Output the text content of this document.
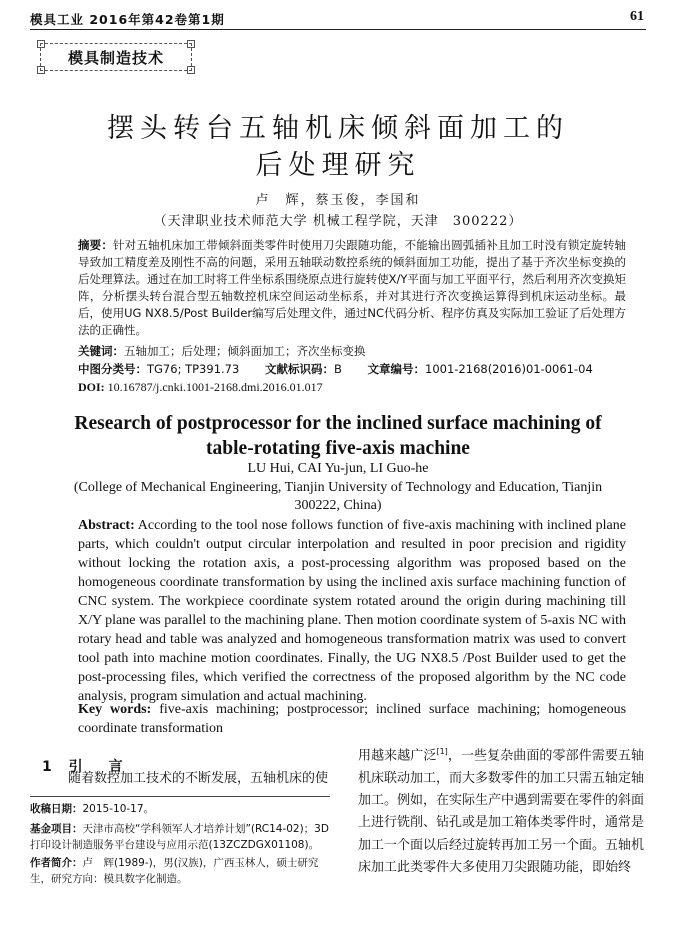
模具工业 2016年第42卷第1期	61
模具制造技术
摆头转台五轴机床倾斜面加工的
后处理研究
卢　辉，蔡玉俊，李国和
（天津职业技术师范大学 机械工程学院，天津　300222）
摘要：针对五轴机床加工带倾斜面类零件时使用刀尖跟随功能，不能输出圆弧插补且加工时没有锁定旋转轴导致加工精度差及刚性不高的问题，采用五轴联动数控系统的倾斜面加工功能，提出了基于齐次坐标变换的后处理算法。通过在加工时将工件坐标系围绕原点进行旋转使X/Y平面与加工平面平行，然后利用齐次变换矩阵，分析摆头转台混合型五轴数控机床空间运动坐标系，并对其进行齐次变换运算得到机床运动坐标。最后，使用UG NX8.5/Post Builder编写后处理文件，通过NC代码分析、程序仿真及实际加工验证了后处理方法的正确性。
关键词：五轴加工；后处理；倾斜面加工；齐次坐标变换
中图分类号：TG76; TP391.73 文献标识码：B 文章编号：1001-2168(2016)01-0061-04
DOI: 10.16787/j.cnki.1001-2168.dmi.2016.01.017
Research of postprocessor for the inclined surface machining of
table-rotating five-axis machine
LU Hui, CAI Yu-jun, LI Guo-he
(College of Mechanical Engineering, Tianjin University of Technology and Education, Tianjin
300222, China)
Abstract: According to the tool nose follows function of five-axis machining with inclined plane parts, which couldn't output circular interpolation and resulted in poor precision and rigidity without locking the rotation axis, a post-processing algorithm was proposed based on the homogeneous coordinate transformation by using the inclined axis surface machining function of CNC system. The workpiece coordinate system rotated around the origin during machining till X/Y plane was parallel to the machining plane. Then motion coordinate system of 5-axis NC with rotary head and table was analyzed and homogeneous transformation matrix was used to convert tool path into machine motion coordinates. Finally, the UG NX8.5 /Post Builder used to get the post-processing files, which verified the correctness of the proposed algorithm by the NC code analysis, program simulation and actual machining.
Key words: five-axis machining; postprocessor; inclined surface machining; homogeneous coordinate transformation
1 引　言
随着数控加工技术的不断发展，五轴机床的使
收稿日期：2015-10-17。
基金项目：天津市高校“学科领军人才培养计划”(RC14-02)；3D打印设计制造服务平台建设与应用示范(13ZCZDGX01108)。
作者简介：卢　辉(1989-)，男(汉族)，广西玉林人，硕士研究生，研究方向：模具数字化制造。
用越来越广泛[1]，一些复杂曲面的零部件需要五轴机床联动加工，而大多数零件的加工只需五轴定轴加工。例如，在实际生产中遇到需要在零件的斜面上进行铣削、钻孔或是加工箱体类零件时，通常是加工一个面以后经过旋转再加工另一个面。五轴机床加工此类零件大多使用刀尖跟随功能，即始终
